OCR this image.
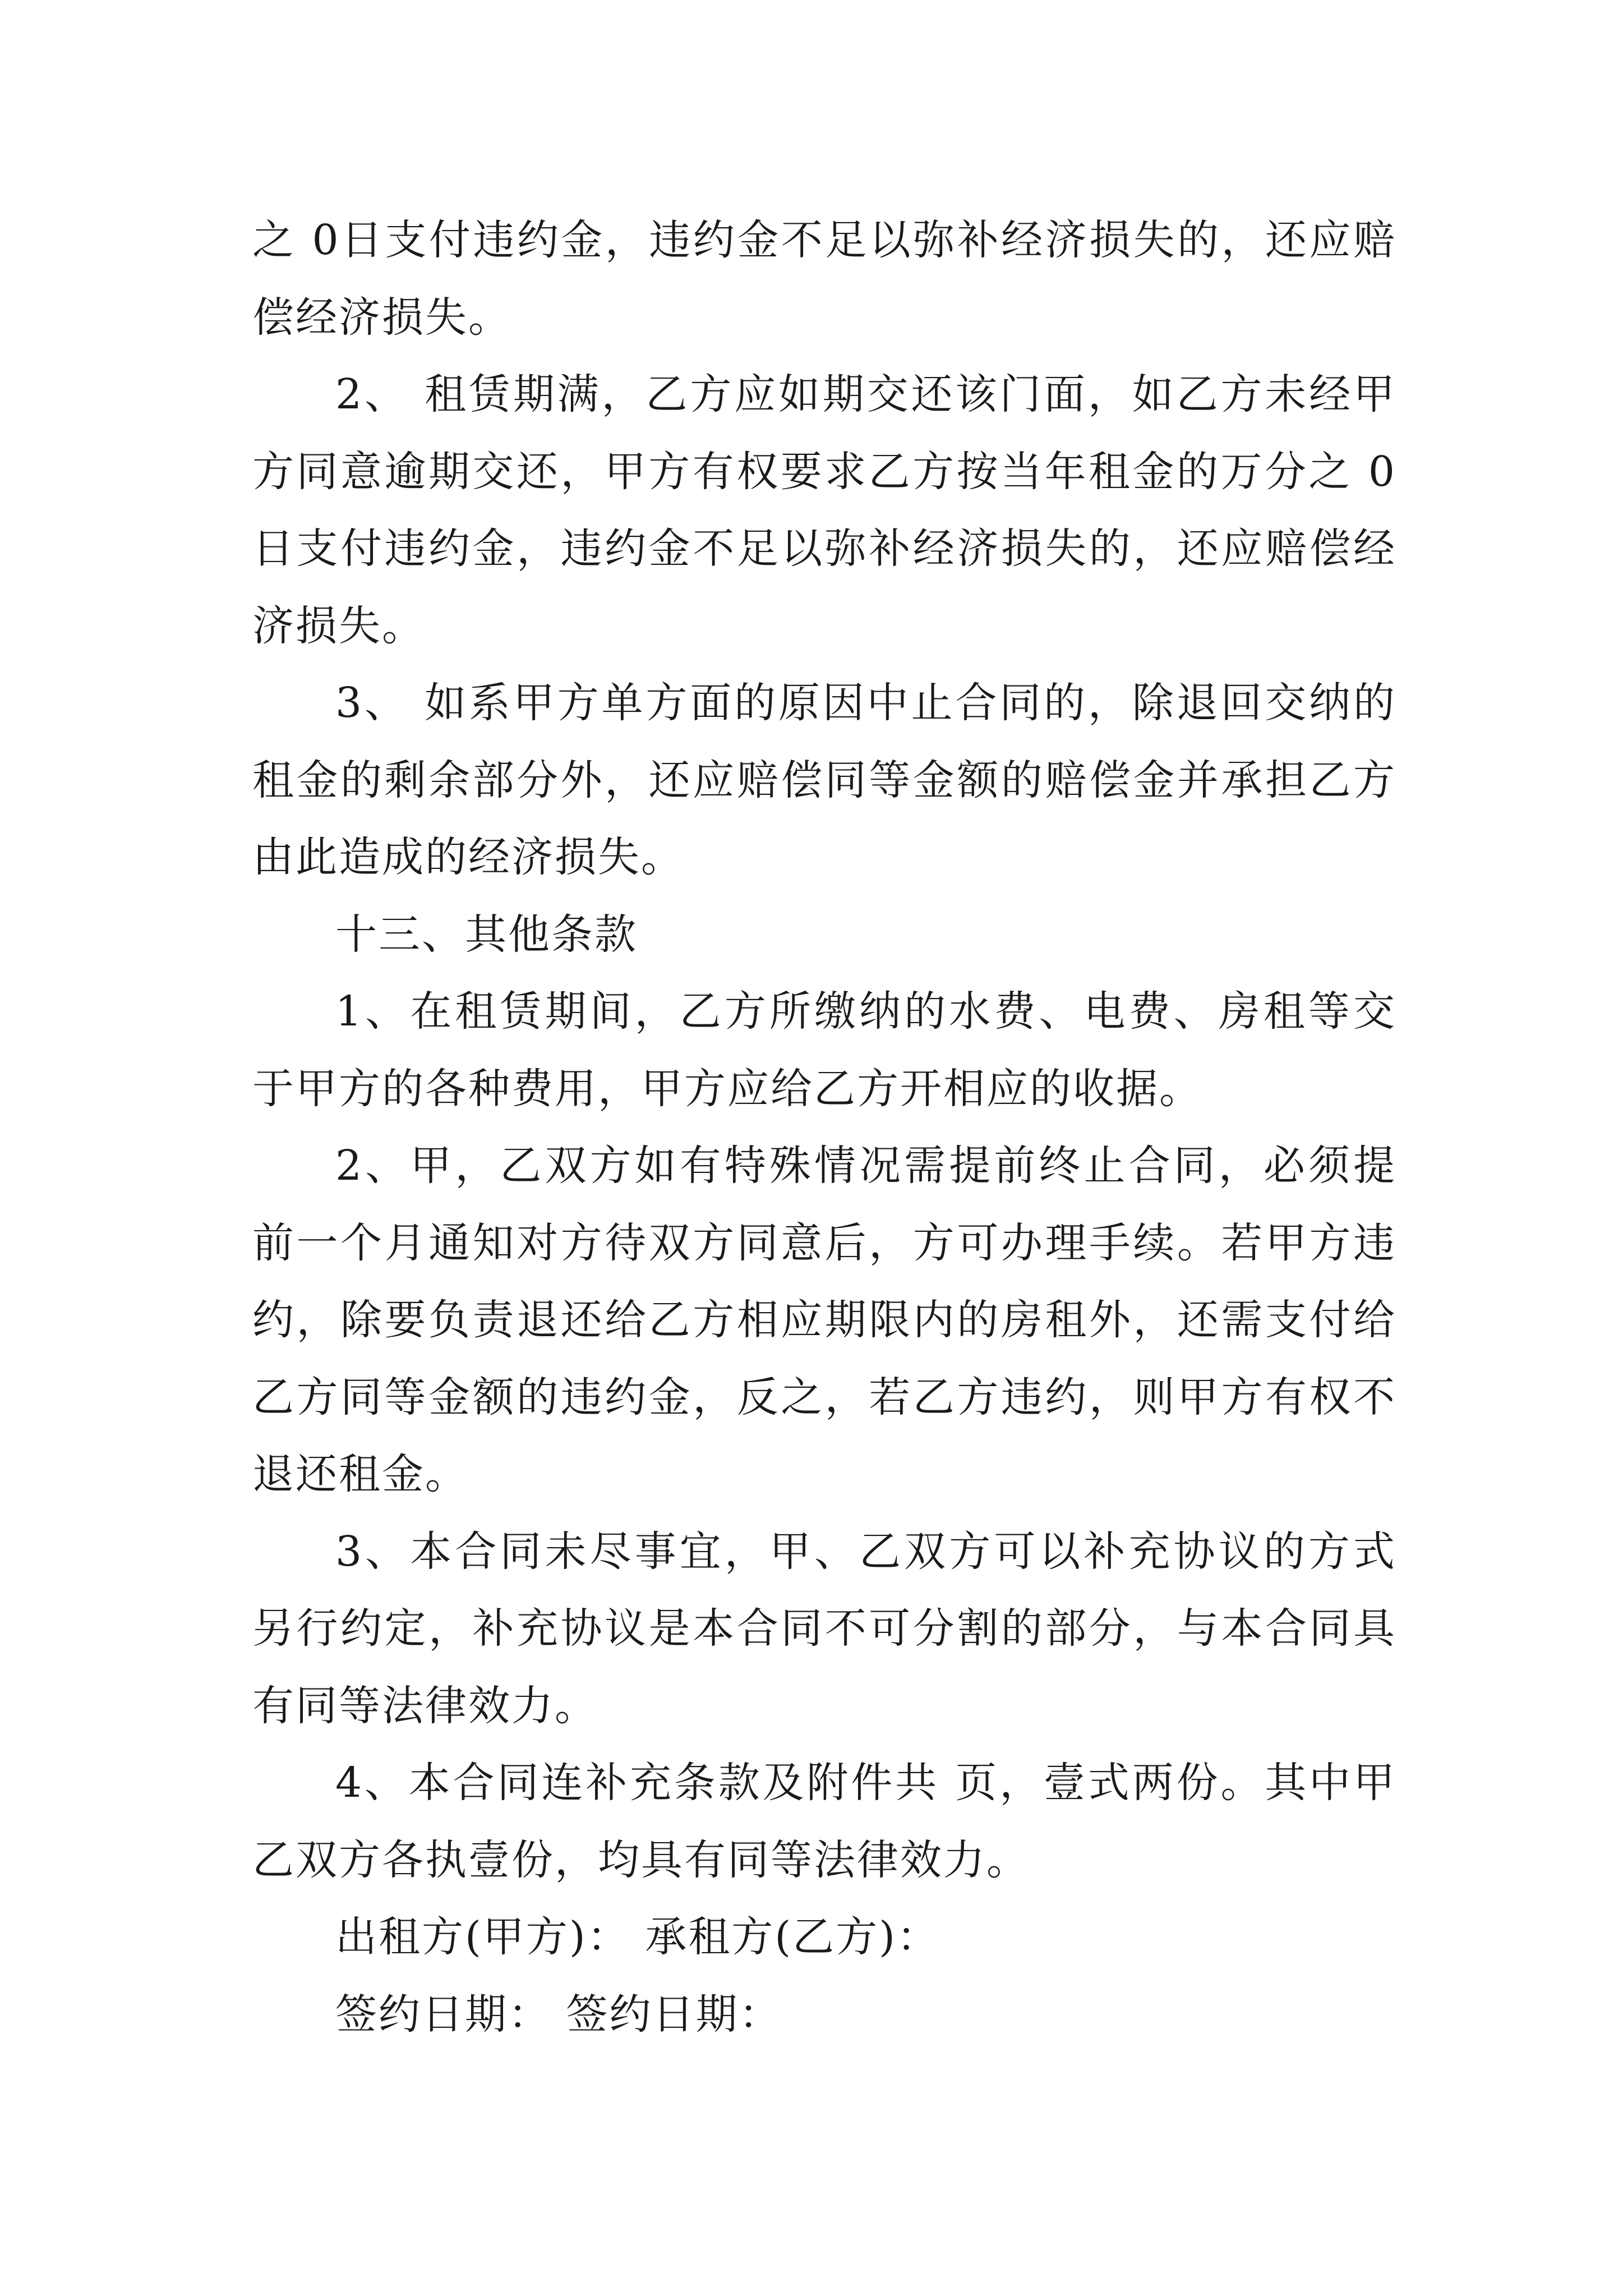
之 0日支付违约金，违约金不足以弥补经济损失的，还应赔偿经济损失。

2、 租赁期满，乙方应如期交还该门面，如乙方未经甲方同意逾期交还，甲方有权要求乙方按当年租金的万分之 0日支付违约金，违约金不足以弥补经济损失的，还应赔偿经济损失。

3、 如系甲方单方面的原因中止合同的，除退回交纳的租金的剩余部分外，还应赔偿同等金额的赔偿金并承担乙方由此造成的经济损失。

十三、其他条款

1、在租赁期间，乙方所缴纳的水费、电费、房租等交于甲方的各种费用，甲方应给乙方开相应的收据。

2、甲，乙双方如有特殊情况需提前终止合同，必须提前一个月通知对方待双方同意后，方可办理手续。若甲方违约，除要负责退还给乙方相应期限内的房租外，还需支付给乙方同等金额的违约金，反之，若乙方违约，则甲方有权不退还租金。

3、本合同未尽事宜，甲、乙双方可以补充协议的方式另行约定，补充协议是本合同不可分割的部分，与本合同具有同等法律效力。

4、本合同连补充条款及附件共 页，壹式两份。其中甲乙双方各执壹份，均具有同等法律效力。

出租方(甲方)： 承租方(乙方)：

签约日期： 签约日期：
